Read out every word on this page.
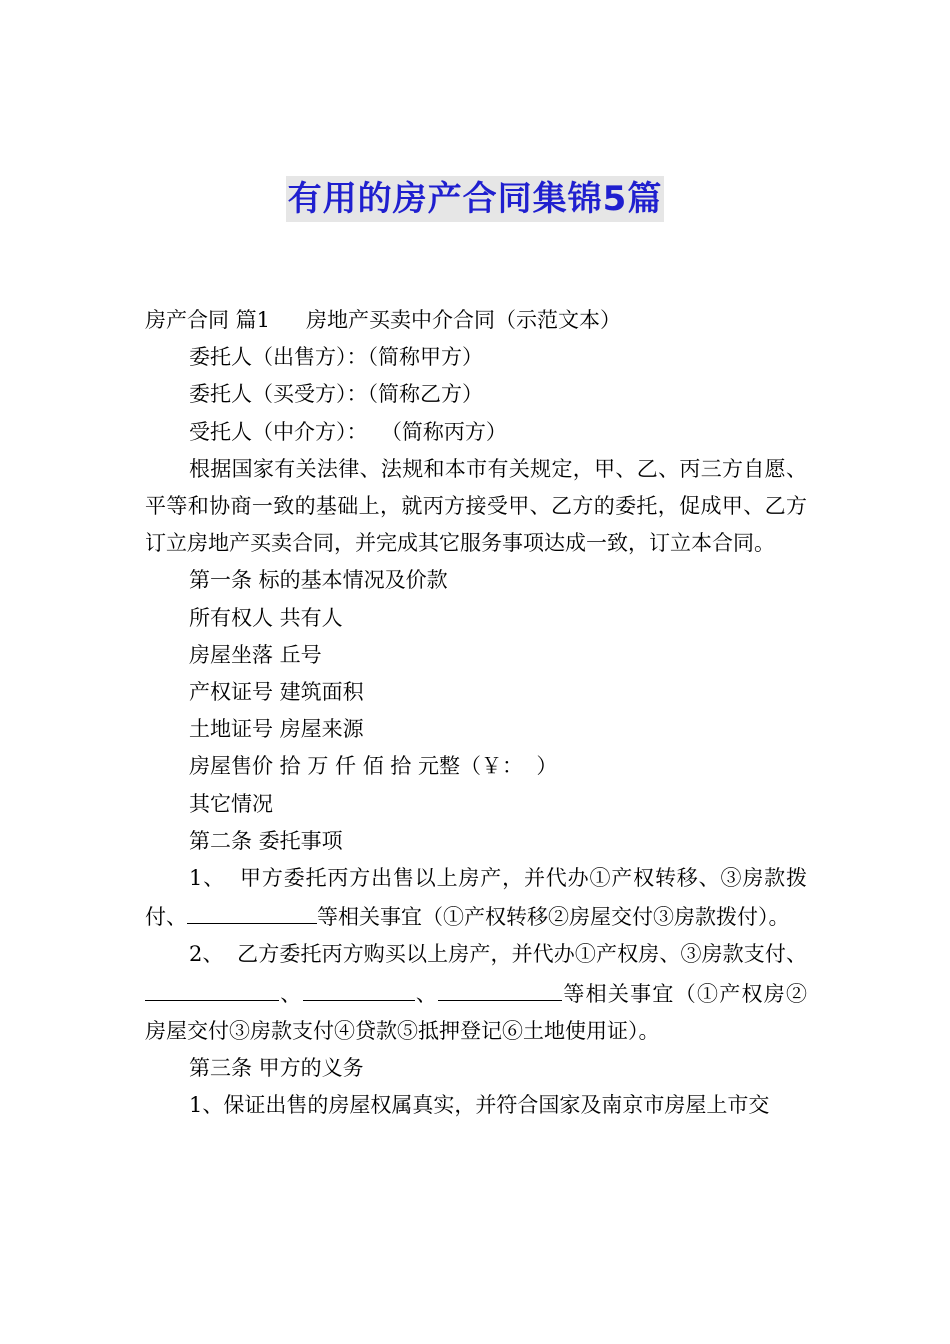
有用的房产合同集锦5篇

房产合同 篇1 房地产买卖中介合同（示范文本）

委托人（出售方）：（简称甲方）

委托人（买受方）：（简称乙方）

受托人（中介方）：  （简称丙方）

根据国家有关法律、法规和本市有关规定，甲、乙、丙三方自愿、平等和协商一致的基础上，就丙方接受甲、乙方的委托，促成甲、乙方订立房地产买卖合同，并完成其它服务事项达成一致，订立本合同。

第一条 标的基本情况及价款

所有权人 共有人

房屋坐落 丘号

产权证号 建筑面积

土地证号 房屋来源

房屋售价 拾 万 仟 佰 拾 元整（￥：  ）

其它情况

第二条 委托事项

1、  甲方委托丙方出售以上房产，并代办①产权转移、③房款拨付、	等相关事宜（①产权转移②房屋交付③房款拨付）。

2、  乙方委托丙方购买以上房产，并代办①产权房、③房款支付、、	、	等相关事宜（①产权房②房屋交付③房款支付④贷款⑤抵押登记⑥土地使用证）。

第三条 甲方的义务

1、保证出售的房屋权属真实，并符合国家及南京市房屋上市交
